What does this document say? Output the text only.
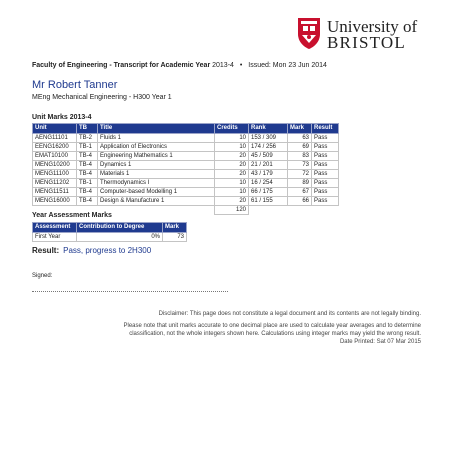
University of
BRISTOL
Faculty of Engineering - Transcript for Academic Year 2013-4 • Issued: Mon 23 Jun 2014
Mr Robert Tanner
MEng Mechanical Engineering - H300 Year 1
Unit Marks 2013-4
Unit	TB	Title	Credits	Rank	Mark	Result
AENG11101	TB-2	Fluids 1	10	153 / 309	63	Pass
EENG16200	TB-1	Application of Electronics	10	174 / 256	69	Pass
EMAT10100	TB-4	Engineering Mathematics 1	20	45 / 509	83	Pass
MENG10200	TB-4	Dynamics 1	20	21 / 201	73	Pass
MENG11100	TB-4	Materials 1	20	43 / 179	72	Pass
MENG11202	TB-1	Thermodynamics I	10	16 / 254	89	Pass
MENG11511	TB-4	Computer-based Modelling 1	10	66 / 175	67	Pass
MENG16000	TB-4	Design & Manufacture 1	20	61 / 155	66	Pass
			120			
Year Assessment Marks
Assessment	Contribution to Degree	Mark
First Year	0%	73
Result: Pass, progress to 2H300
Signed:
Disclaimer: This page does not constitute a legal document and its contents are not legally binding.
Please note that unit marks accurate to one decimal place are used to calculate year averages and to determine
classification, not the whole integers shown here. Calculations using integer marks may yield the wrong result.
Date Printed: Sat 07 Mar 2015
